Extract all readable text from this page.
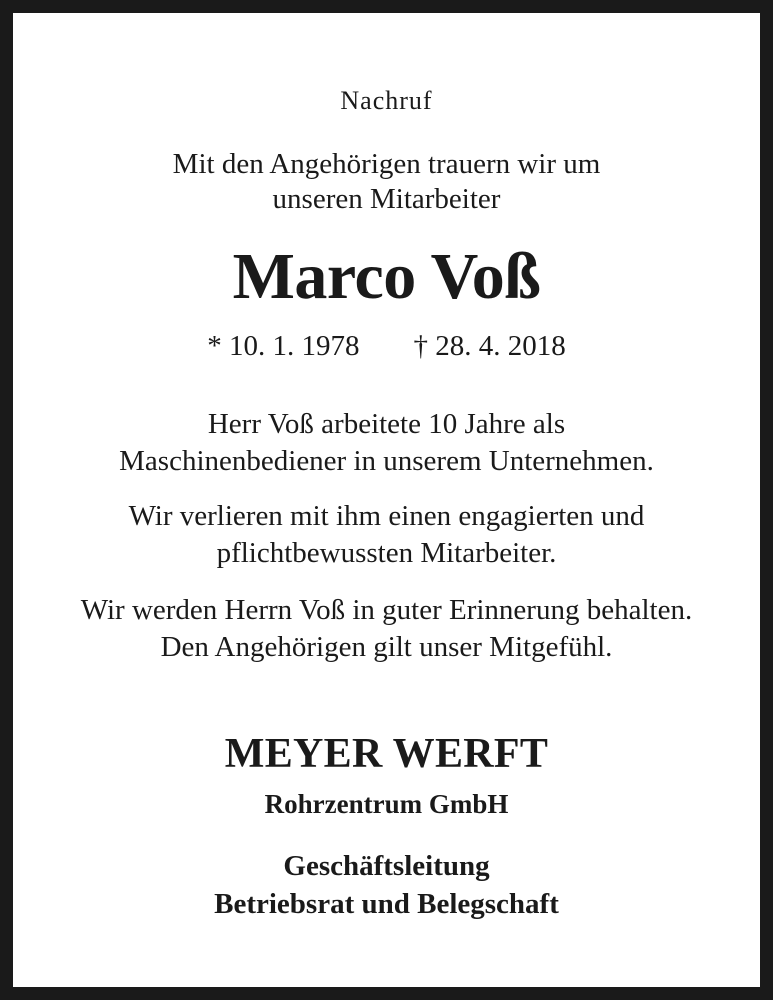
Nachruf
Mit den Angehörigen trauern wir um
unseren Mitarbeiter
Marco Voß
* 10. 1. 1978 † 28. 4. 2018
Herr Voß arbeitete 10 Jahre als
Maschinenbediener in unserem Unternehmen.
Wir verlieren mit ihm einen engagierten und
pflichtbewussten Mitarbeiter.
Wir werden Herrn Voß in guter Erinnerung behalten.
Den Angehörigen gilt unser Mitgefühl.
MEYER WERFT
Rohrzentrum GmbH
Geschäftsleitung
Betriebsrat und Belegschaft
